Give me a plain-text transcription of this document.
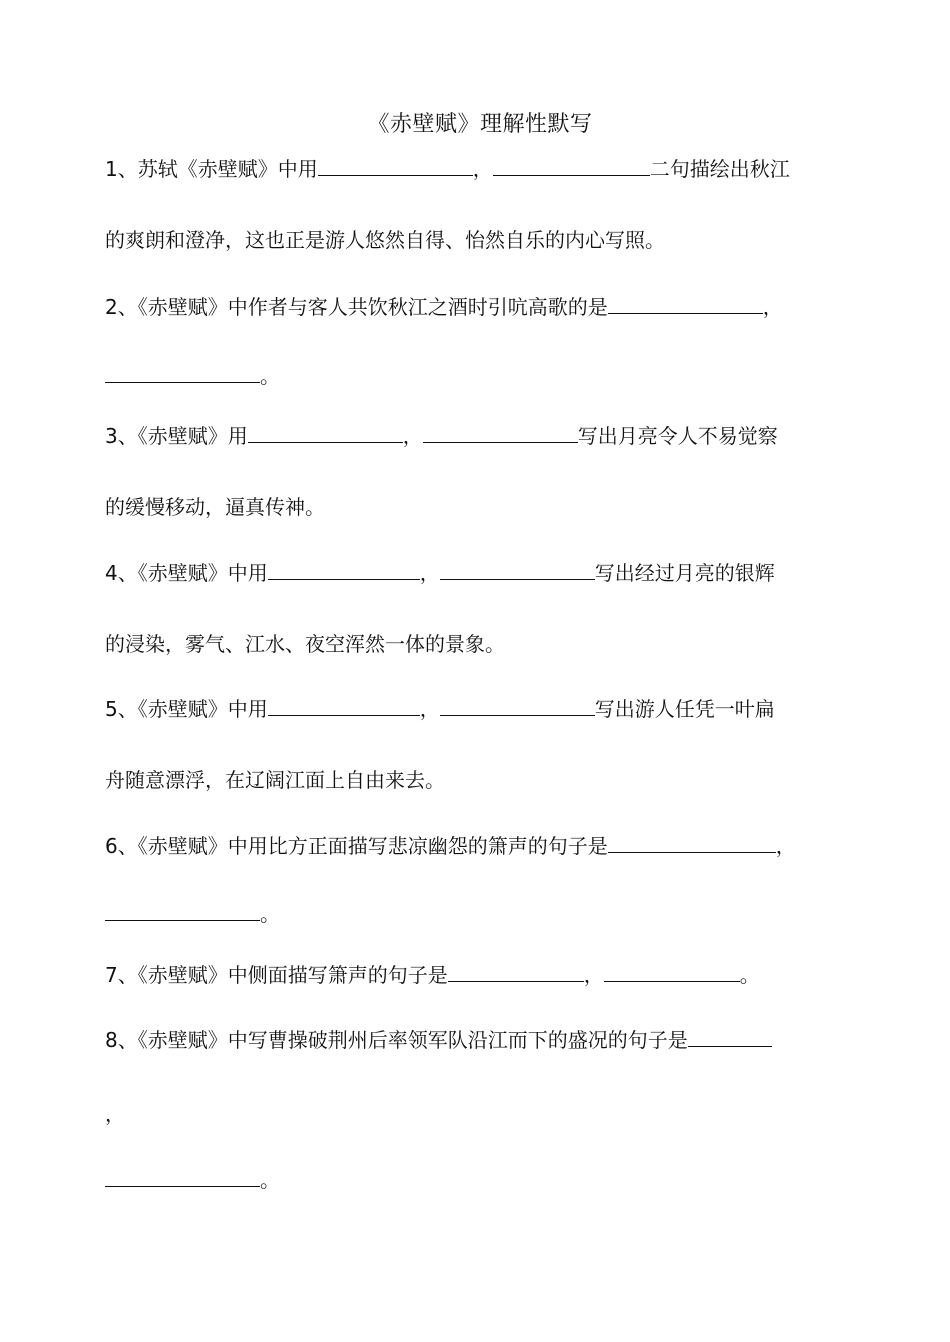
《赤壁赋》理解性默写
1、苏轼《赤壁赋》中用	，	二句描绘出秋江
的爽朗和澄净，这也正是游人悠然自得、怡然自乐的内心写照。
2、《赤壁赋》中作者与客人共饮秋江之酒时引吭高歌的是	，
。
3、《赤壁赋》用	，	写出月亮令人不易觉察
的缓慢移动，逼真传神。
4、《赤壁赋》中用	，	写出经过月亮的银辉
的浸染，雾气、江水、夜空浑然一体的景象。
5、《赤壁赋》中用	，	写出游人任凭一叶扁
舟随意漂浮，在辽阔江面上自由来去。
6、《赤壁赋》中用比方正面描写悲凉幽怨的箫声的句子是	，
。
7、《赤壁赋》中侧面描写箫声的句子是	，	。
8、《赤壁赋》中写曹操破荆州后率领军队沿江而下的盛况的句子是
，
。
